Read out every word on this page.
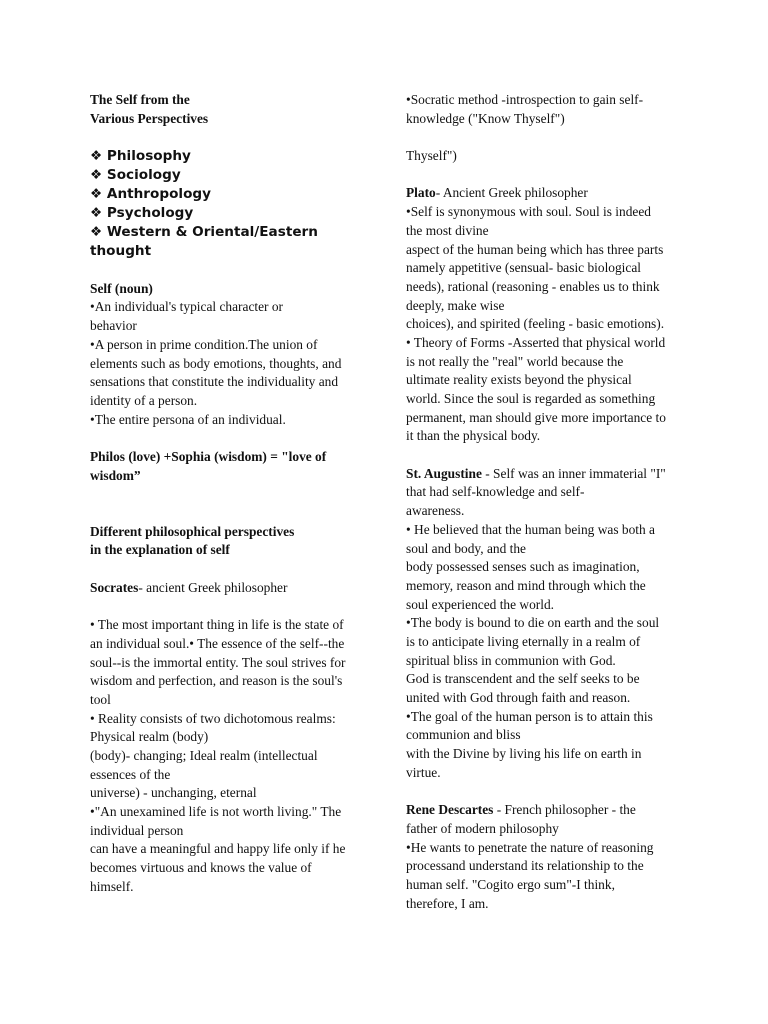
The Self from the
Various Perspectives
❖ Philosophy
❖ Sociology
❖ Anthropology
❖ Psychology
❖ Western & Oriental/Eastern
thought
Self (noun)
•An individual's typical character or
behavior
•A person in prime condition.The union of
elements such as body emotions, thoughts, and
sensations that constitute the individuality and
identity of a person.
•The entire persona of an individual.
Philos (love) +Sophia (wisdom) = "love of
wisdom”
Different philosophical perspectives
in the explanation of self
Socrates- ancient Greek philosopher
• The most important thing in life is the state of
an individual soul.• The essence of the self--the
soul--is the immortal entity. The soul strives for
wisdom and perfection, and reason is the soul's
tool
• Reality consists of two dichotomous realms:
Physical realm (body)
(body)- changing; Ideal realm (intellectual
essences of the
universe) - unchanging, eternal
•"An unexamined life is not worth living." The
individual person
can have a meaningful and happy life only if he
becomes virtuous and knows the value of
himself.
•Socratic method -introspection to gain self-
knowledge ("Know Thyself")
Thyself")
Plato- Ancient Greek philosopher
•Self is synonymous with soul. Soul is indeed
the most divine
aspect of the human being which has three parts
namely appetitive (sensual- basic biological
needs), rational (reasoning - enables us to think
deeply, make wise
choices), and spirited (feeling - basic emotions).
• Theory of Forms -Asserted that physical world
is not really the "real" world because the
ultimate reality exists beyond the physical
world. Since the soul is regarded as something
permanent, man should give more importance to
it than the physical body.
St. Augustine - Self was an inner immaterial "I"
that had self-knowledge and self-
awareness.
• He believed that the human being was both a
soul and body, and the
body possessed senses such as imagination,
memory, reason and mind through which the
soul experienced the world.
•The body is bound to die on earth and the soul
is to anticipate living eternally in a realm of
spiritual bliss in communion with God.
God is transcendent and the self seeks to be
united with God through faith and reason.
•The goal of the human person is to attain this
communion and bliss
with the Divine by living his life on earth in
virtue.
Rene Descartes - French philosopher - the
father of modern philosophy
•He wants to penetrate the nature of reasoning
processand understand its relationship to the
human self. "Cogito ergo sum"-I think,
therefore, I am.
